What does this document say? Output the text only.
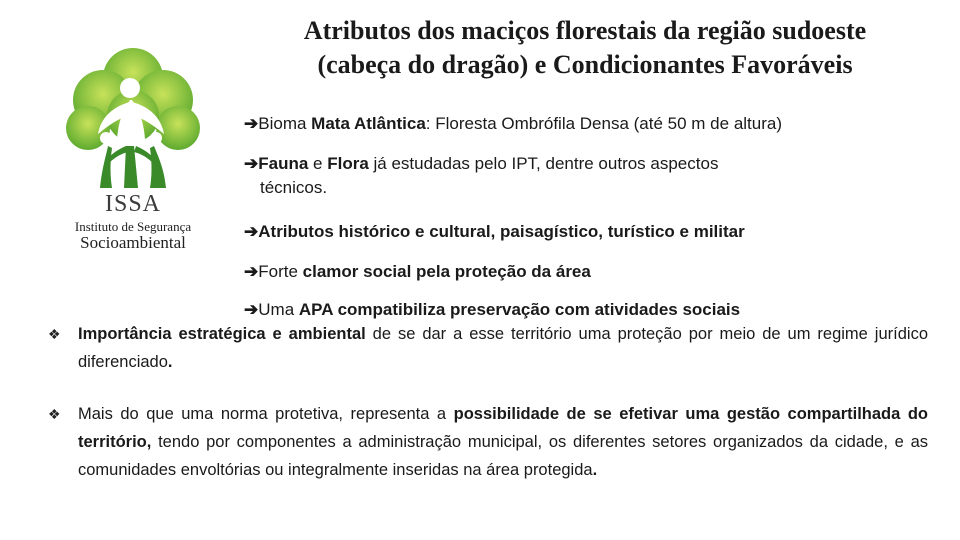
ISSA
Instituto de Segurança
Socioambiental
Atributos dos maciços florestais da região sudoeste
(cabeça do dragão) e Condicionantes Favoráveis
➔Bioma Mata Atlântica: Floresta Ombrófila Densa (até 50 m de altura)
➔Fauna e Flora já estudadas pelo IPT, dentre outros aspectos
técnicos.
➔Atributos histórico e cultural, paisagístico, turístico e militar
➔Forte clamor social pela proteção da área
➔Uma APA compatibiliza preservação com atividades sociais
❖ Importância estratégica e ambiental de se dar a esse território uma proteção por meio de um regime jurídico diferenciado.
❖ Mais do que uma norma protetiva, representa a possibilidade de se efetivar uma gestão compartilhada do território, tendo por componentes a administração municipal, os diferentes setores organizados da cidade, e as comunidades envoltórias ou integralmente inseridas na área protegida.
